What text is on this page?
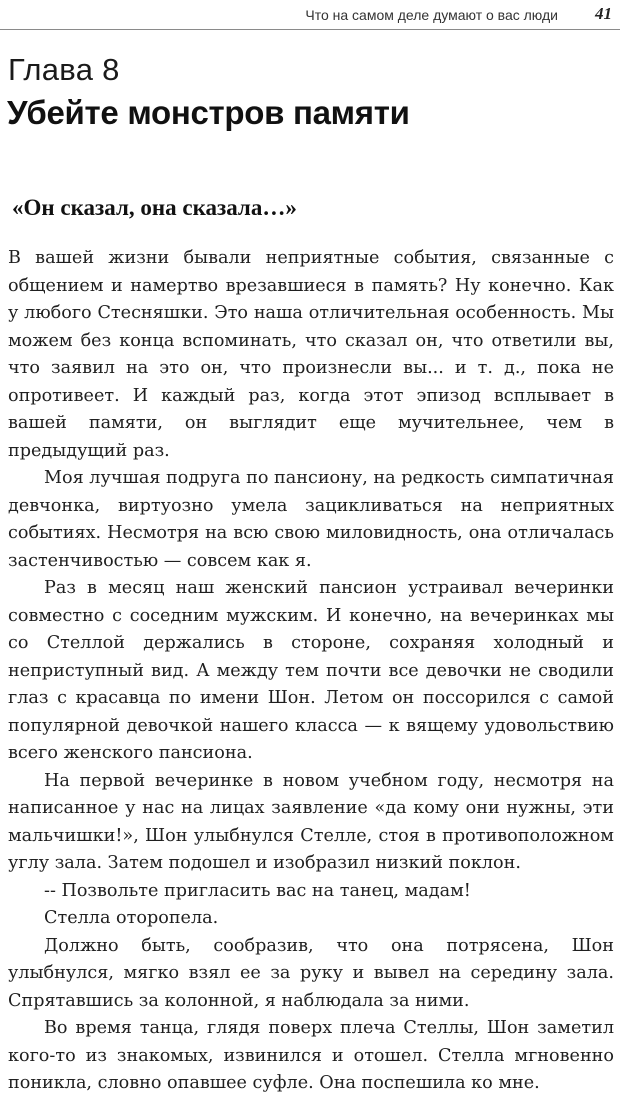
Что на самом деле думают о вас люди 41
Глава 8
Убейте монстров памяти
«Он сказал, она сказала…»

В вашей жизни бывали неприятные события, связанные с общением и намертво врезавшиеся в память? Ну конечно. Как у любого Стесняшки. Это наша отличительная особенность. Мы можем без конца вспоминать, что сказал он, что ответили вы, что заявил на это он, что произнесли вы... и т. д., пока не опротивеет. И каждый раз, когда этот эпизод всплывает в вашей памяти, он выглядит еще мучительнее, чем в предыдущий раз.

Моя лучшая подруга по пансиону, на редкость симпатичная девчонка, виртуозно умела зацикливаться на неприятных событиях. Несмотря на всю свою миловидность, она отличалась застенчивостью — совсем как я.

Раз в месяц наш женский пансион устраивал вечеринки совместно с соседним мужским. И конечно, на вечеринках мы со Стеллой держались в стороне, сохраняя холодный и неприступный вид. А между тем почти все девочки не сводили глаз с красавца по имени Шон. Летом он поссорился с самой популярной девочкой нашего класса — к вящему удовольствию всего женского пансиона.

На первой вечеринке в новом учебном году, несмотря на написанное у нас на лицах заявление «да кому они нужны, эти мальчишки!», Шон улыбнулся Стелле, стоя в противоположном углу зала. Затем подошел и изобразил низкий поклон.

-- Позвольте пригласить вас на танец, мадам!

Стелла оторопела.

Должно быть, сообразив, что она потрясена, Шон улыбнулся, мягко взял ее за руку и вывел на середину зала. Спрятавшись за колонной, я наблюдала за ними.

Во время танца, глядя поверх плеча Стеллы, Шон заметил кого-то из знакомых, извинился и отошел. Стелла мгновенно поникла, словно опавшее суфле. Она поспешила ко мне.
